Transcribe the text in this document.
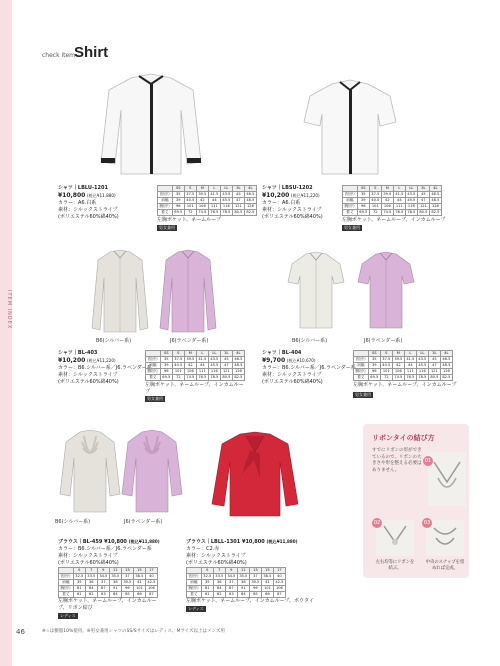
ITEM INDEX
check item
Shirt
シャツ｜LBLU-1201
¥10,800 (税込¥11,880)
カラー：A6.白系
素材：シルックストライプ
(ポリエステル60%綿40%)
	SS	S	M	L	LL	3L	4L
首回り	35	37.5	39.5	41.5	43.5	45	46.5
肩幅	39	40.5	42	44	45.5	47	48.5
胸回り	96	101	106	111	116	121	126
着丈	69.5	72	74.5	76.5	78.5	80.5	82.5
左胸ポケット、ネームループ
男女兼用
シャツ｜LBSU-1202
¥10,200 (税込¥11,220)
カラー：A6.白系
素材：シルックストライプ
(ポリエステル60%綿40%)
	SS	S	M	L	LL	3L	4L
首回り	35	37.5	39.5	41.5	43.5	45	46.5
肩幅	39	40.5	42	44	45.5	47	48.5
胸回り	96	101	106	111	116	121	126
着丈	69.5	72	74.5	76.5	78.5	80.5	82.5
左胸ポケット、ネームループ、インカムループ
男女兼用
B6(シルバー系)	J6(ラベンダー系)	B6(シルバー系)	J6(ラベンダー系)
シャツ｜BL-403
¥10,200 (税込¥11,220)
カラー：B6.シルバー系／J6.ラベンダー系
素材：シルックストライプ
(ポリエステル60%綿40%)
	SS	S	M	L	LL	3L	4L
首回り	35	37.5	39.5	41.5	43.5	45	46.5
肩幅	39	40.5	42	44	45.5	47	48.5
胸回り	96	101	106	111	116	121	126
着丈	69.5	72	74.5	76.5	78.5	80.5	82.5
左胸ポケット、ネームループ、インカムループ
男女兼用
シャツ｜BL-404
¥9,700 (税込¥10,670)
カラー：B6.シルバー系／J6.ラベンダー系
素材：シルックストライプ
(ポリエステル60%綿40%)
	SS	S	M	L	LL	3L	4L
首回り	35	37.5	39.5	41.5	43.5	45	46.5
肩幅	39	40.5	42	44	45.5	47	48.5
胸回り	96	101	106	111	116	121	126
着丈	69.5	72	74.5	76.5	78.5	80.5	82.5
左胸ポケット、ネームループ、インカムループ
男女兼用
B6(シルバー系)	J6(ラベンダー系)
ブラウス｜BL-459 ¥10,800 (税込¥11,880)
カラー：B6.シルバー系／J6.ラベンダー系
素材：シルックストライプ
(ポリエステル60%綿40%)
	5	7	9	11	13	15	17
首回り	32.5	33.5	34.5	35.5	37	38.5	40
肩幅	35	36	37	38	39.5	41	42.5
胸回り	81	84	87	91	96	101	106
着丈	61	62	63	64	65	66	67
左胸ポケット、ネームループ、インカムループ、リボン結び
レディス
ブラウス｜LBLL-1301 ¥10,800 (税込¥11,880)
カラー：C2.赤
素材：シルックストライプ
(ポリエステル60%綿40%)
	5	7	9	11	13	15	17
首回り	32.5	33.5	34.5	35.5	37	38.5	40
肩幅	35	36	37	38	39.5	41	42.5
胸回り	81	84	87	91	96	101	106
着丈	61	62	63	64	65	66	67
左胸ポケット、ネームループ、インカムループ、ボウタイ
レディス
リボンタイの結び方
すでにリボンの形ができているので、リボンの大きさや形を整える必要はありません。
01
02	03
左右均等にリボンを結ぶ。
中央のスナップを留めれば完成。
46	※☆は樹脂10%使用。※男女兼用シャツのSS/Sサイズはレディス、Mサイズ以上はメンズ用
